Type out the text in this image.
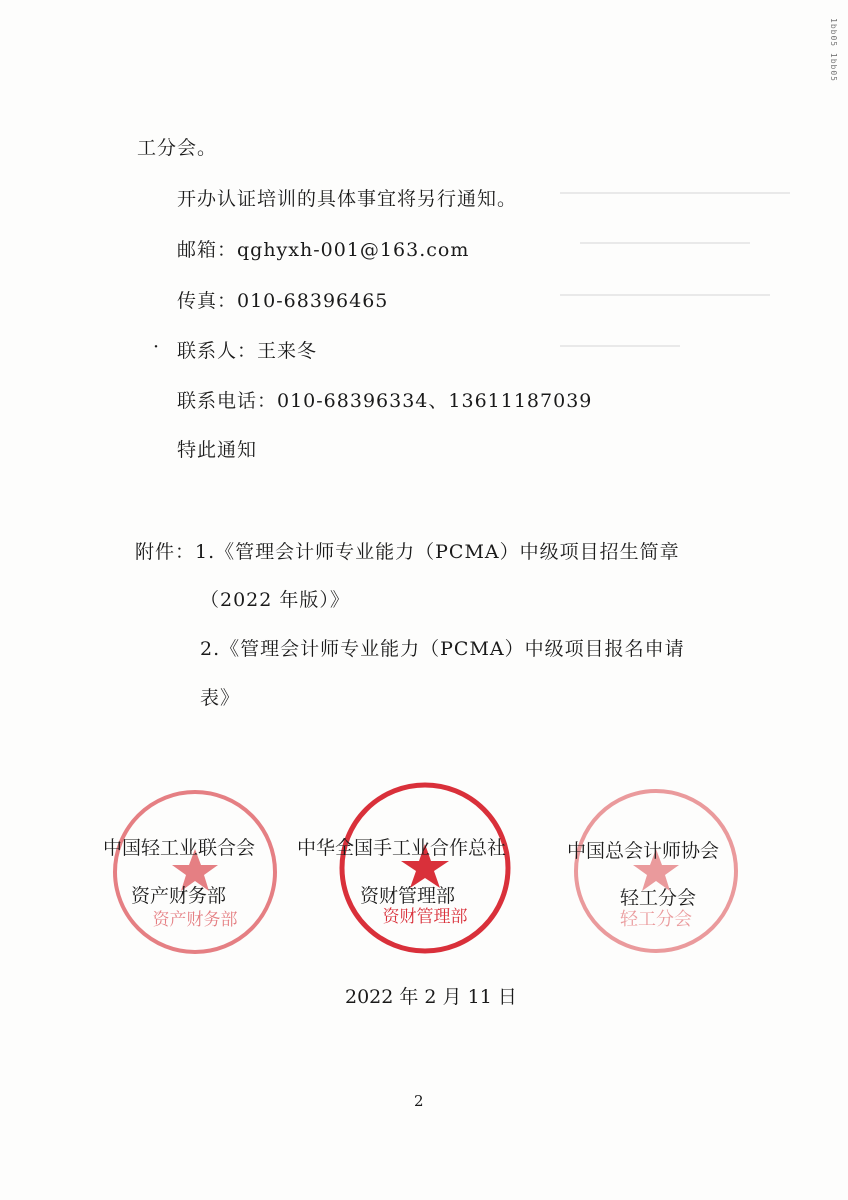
1bb05 1bb05
工分会。
开办认证培训的具体事宜将另行通知。
邮箱：qghyxh-001@163.com
传真：010-68396465
· 联系人：王来冬
联系电话：010-68396334、13611187039
特此通知
附件：1.《管理会计师专业能力（PCMA）中级项目招生简章
（2022 年版）》
2.《管理会计师专业能力（PCMA）中级项目报名申请
表》
资产财务部	资财管理部	轻工分会
中国轻工业联合会
资产财务部
中华全国手工业合作总社
资财管理部
中国总会计师协会
轻工分会
2022 年 2 月 11 日
2
